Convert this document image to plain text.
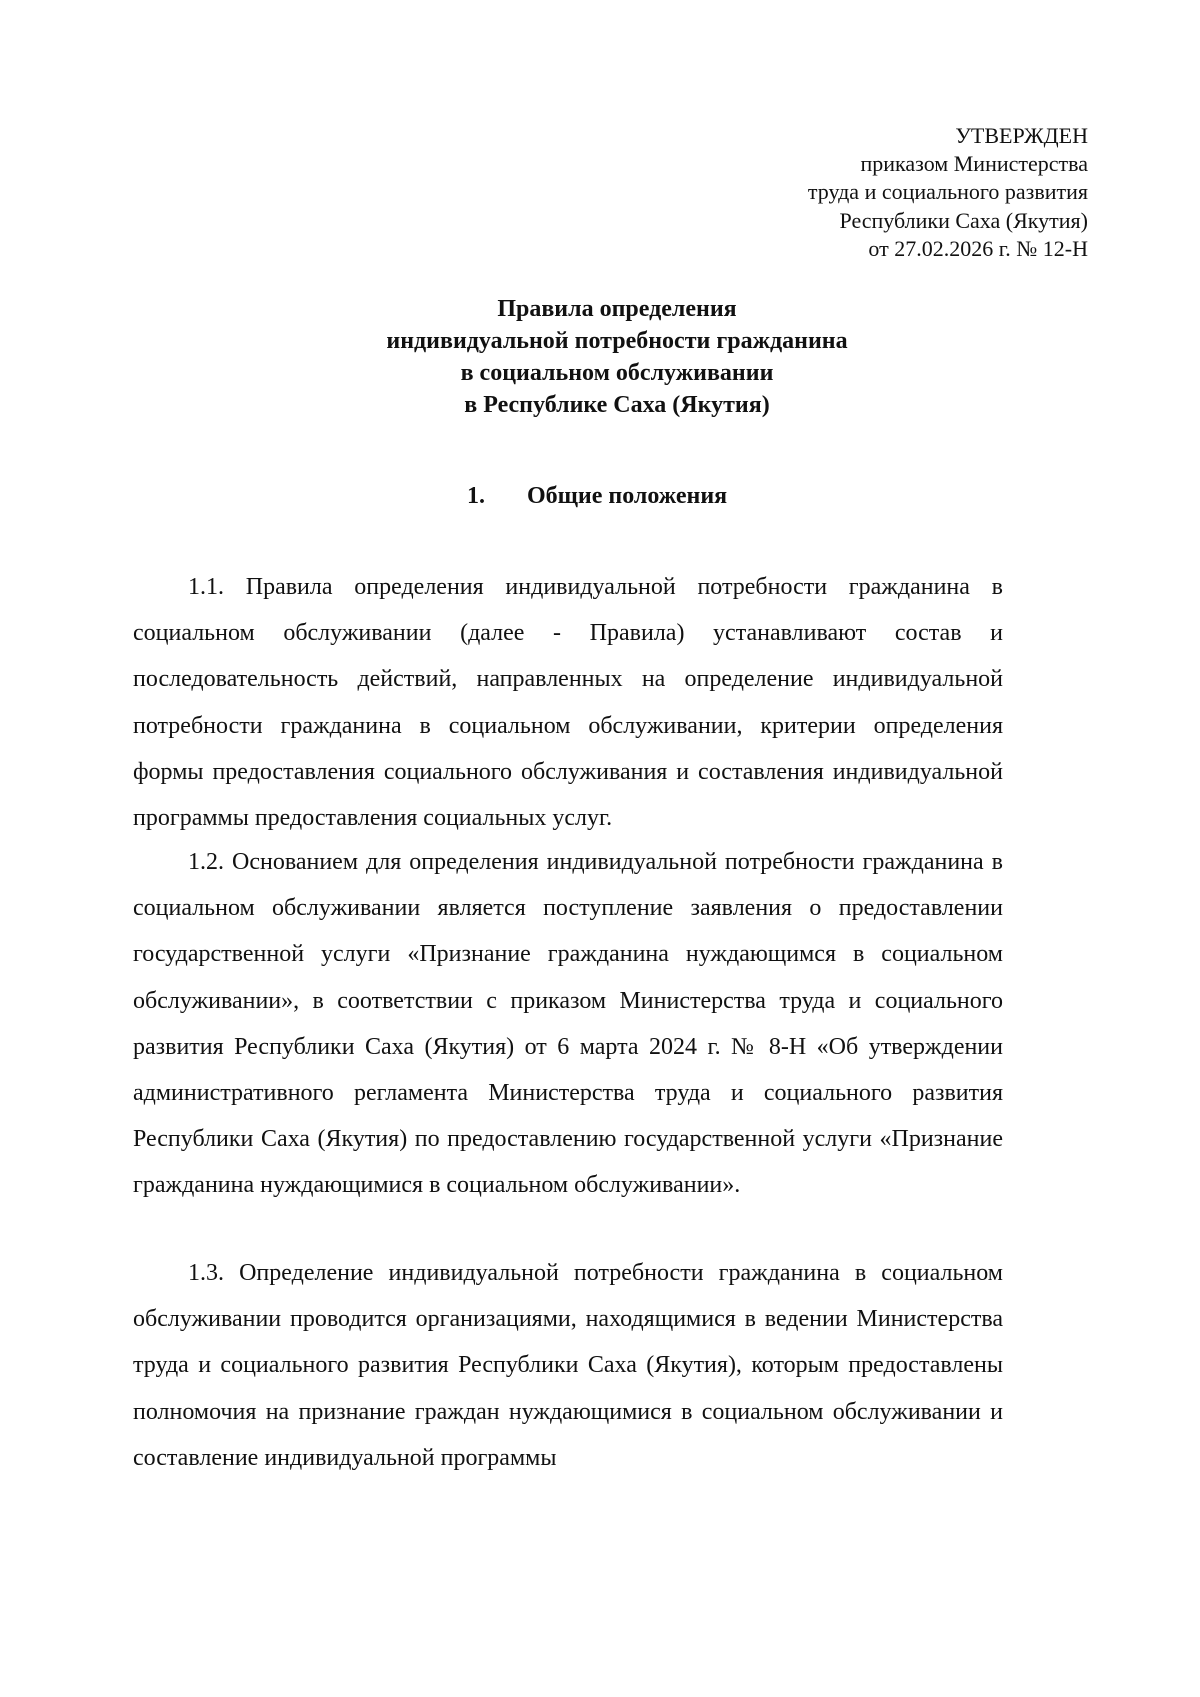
УТВЕРЖДЕН
приказом Министерства
труда и социального развития
Республики Саха (Якутия)
от 27.02.2026 г. № 12-Н
Правила определения
индивидуальной потребности гражданина
в социальном обслуживании
в Республике Саха (Якутия)
1. Общие положения

1.1. Правила определения индивидуальной потребности гражданина в социальном обслуживании (далее - Правила) устанавливают состав и последовательность действий, направленных на определение индивидуальной потребности гражданина в социальном обслуживании, критерии определения формы предоставления социального обслуживания и составления индивидуальной программы предоставления социальных услуг.

1.2. Основанием для определения индивидуальной потребности гражданина в социальном обслуживании является поступление заявления о предоставлении государственной услуги «Признание гражданина нуждающимся в социальном обслуживании», в соответствии с приказом Министерства труда и социального развития Республики Саха (Якутия) от 6 марта 2024 г. № 8-Н «Об утверждении административного регламента Министерства труда и социального развития Республики Саха (Якутия) по предоставлению государственной услуги «Признание гражданина нуждающимися в социальном обслуживании».

1.3. Определение индивидуальной потребности гражданина в социальном обслуживании проводится организациями, находящимися в ведении Министерства труда и социального развития Республики Саха (Якутия), которым предоставлены полномочия на признание граждан нуждающимися в социальном обслуживании и составление индивидуальной программы
